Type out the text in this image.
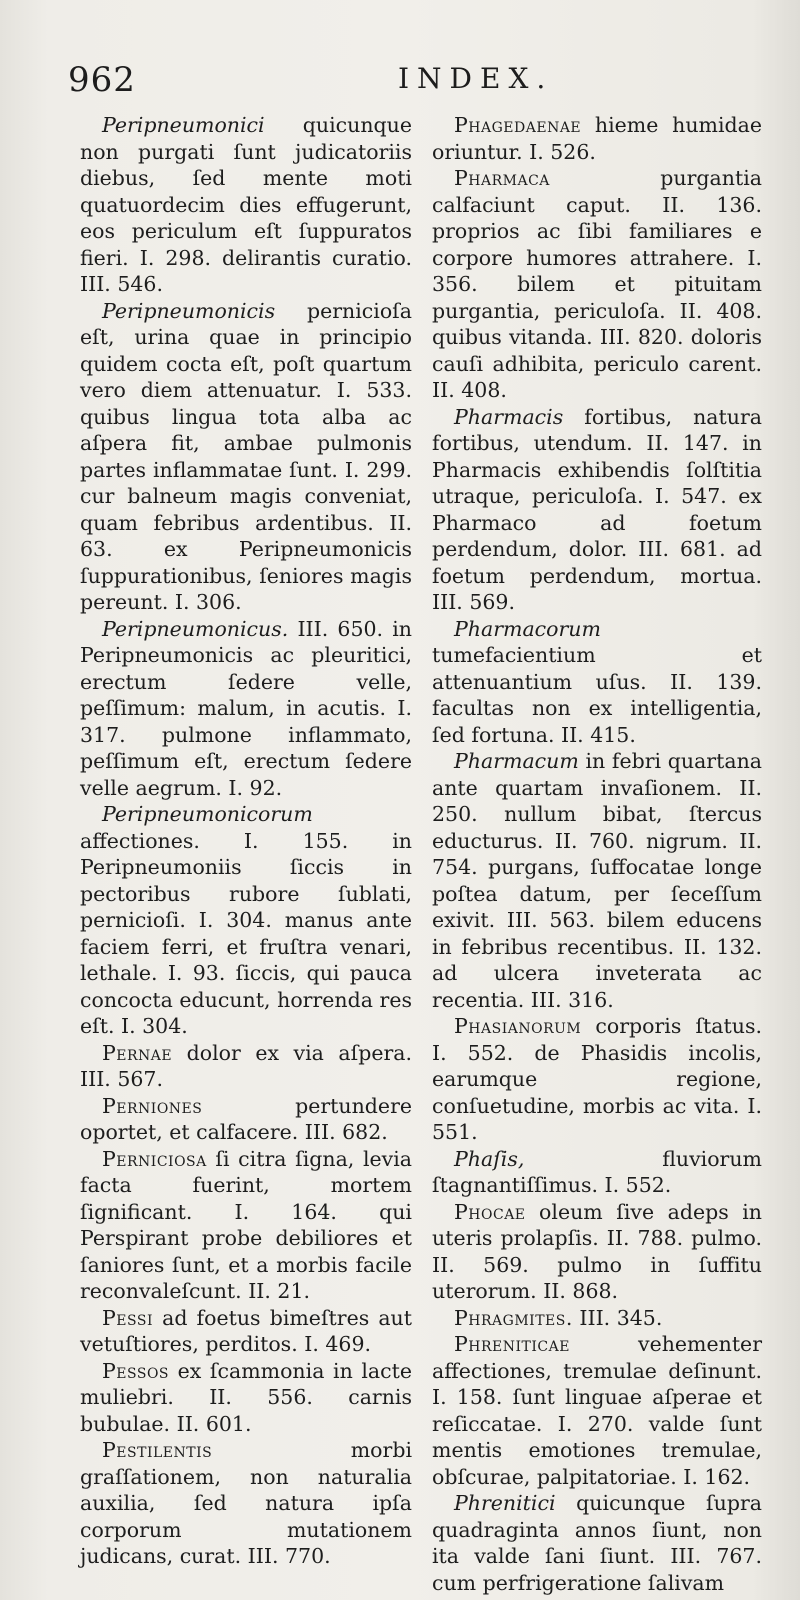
962	INDEX.

Peripneumonici quicunque non purgati ſunt judicatoriis diebus, ſed mente moti quatuordecim dies effugerunt, eos periculum eſt ſuppuratos fieri. I. 298. delirantis curatio. III. 546.

Peripneumonicis pernicioſa eſt, urina quae in principio quidem cocta eſt, poſt quartum vero diem attenuatur. I. 533. quibus lingua tota alba ac aſpera fit, ambae pulmonis partes inflammatae ſunt. I. 299. cur balneum magis conveniat, quam febribus ardentibus. II. 63. ex Peripneumonicis ſuppurationibus, ſeniores magis pereunt. I. 306.

Peripneumonicus. III. 650. in Peripneumonicis ac pleuritici, erectum ſedere velle, peſſimum: malum, in acutis. I. 317. pulmone inflammato, peſſimum eſt, erectum ſedere velle aegrum. I. 92.

Peripneumonicorum affectiones. I. 155. in Peripneumoniis ſiccis in pectoribus rubore ſublati, pernicioſi. I. 304. manus ante faciem ferri, et fruſtra venari, lethale. I. 93. ſiccis, qui pauca concocta educunt, horrenda res eſt. I. 304.

Pernae dolor ex via aſpera. III. 567.

Perniones pertundere oportet, et calfacere. III. 682.

Perniciosa ſi citra ſigna, levia facta fuerint, mortem ſignificant. I. 164. qui Perspirant probe debiliores et ſaniores ſunt, et a morbis facile reconvaleſcunt. II. 21.

Pessi ad foetus bimeſtres aut vetuſtiores, perditos. I. 469.

Pessos ex ſcammonia in lacte muliebri. II. 556. carnis bubulae. II. 601.

Pestilentis morbi graſſationem, non naturalia auxilia, ſed natura ipſa corporum mutationem judicans, curat. III. 770.

Phagedaenae hieme humidae oriuntur. I. 526.

Pharmaca purgantia calfaciunt caput. II. 136. proprios ac ſibi familiares e corpore humores attrahere. I. 356. bilem et pituitam purgantia, periculoſa. II. 408. quibus vitanda. III. 820. doloris cauſi adhibita, periculo carent. II. 408.

Pharmacis fortibus, natura fortibus, utendum. II. 147. in Pharmacis exhibendis ſolſtitia utraque, periculoſa. I. 547. ex Pharmaco ad foetum perdendum, dolor. III. 681. ad foetum perdendum, mortua. III. 569.

Pharmacorum tumefacientium et attenuantium uſus. II. 139. facultas non ex intelligentia, ſed fortuna. II. 415.

Pharmacum in febri quartana ante quartam invaſionem. II. 250. nullum bibat, ſtercus educturus. II. 760. nigrum. II. 754. purgans, ſuffocatae longe poſtea datum, per ſeceſſum exivit. III. 563. bilem educens in febribus recentibus. II. 132. ad ulcera inveterata ac recentia. III. 316.

Phasianorum corporis ſtatus. I. 552. de Phasidis incolis, earumque regione, conſuetudine, morbis ac vita. I. 551.

Phaſis, fluviorum ſtagnantiſſimus. I. 552.

Phocae oleum ſive adeps in uteris prolapſis. II. 788. pulmo. II. 569. pulmo in ſuffitu uterorum. II. 868.

Phragmites. III. 345.

Phreniticae vehementer affectiones, tremulae deſinunt. I. 158. ſunt linguae aſperae et reſiccatae. I. 270. valde ſunt mentis emotiones tremulae, obſcurae, palpitatoriae. I. 162.

Phrenitici quicunque ſupra quadraginta annos ſiunt, non ita valde ſani ſiunt. III. 767. cum perfrigeratione ſalivam
